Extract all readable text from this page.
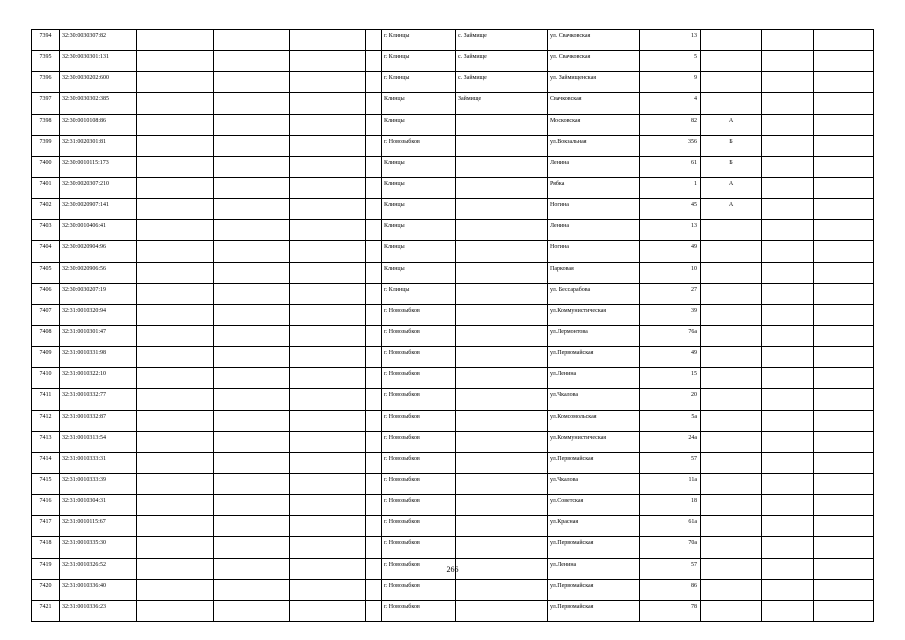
7394	32:30:0030307:82					г. Клинцы	с. Займище	ул. Свачковская	13			
7395	32:30:0030301:131					г. Клинцы	с. Займище	ул. Свачковская	5			
7396	32:30:0030202:600					г. Клинцы	с. Займище	ул. Займищенская	9			
7397	32:30:0030302:385					Клинцы	Займище	Свачковская	4			
7398	32:30:0010108:86					Клинцы		Московская	82	А		
7399	32:31:0020301:81					г. Новозыбков		ул.Вокзальная	356	Б		
7400	32:30:0010115:173					Клинцы		Ленина	61	Б		
7401	32:30:0020307:210					Клинцы		Рябка	1	А		
7402	32:30:0020907:141					Клинцы		Ногина	45	А		
7403	32:30:0010406:41					Клинцы		Ленина	13			
7404	32:30:0020904:96					Клинцы		Ногина	49			
7405	32:30:0020906:56					Клинцы		Парковая	10			
7406	32:30:0030207:19					г. Клинцы		ул. Бессарабова	27			
7407	32:31:0010320:94					г. Новозыбков		ул.Коммунистическая	39			
7408	32:31:0010301:47					г. Новозыбков		ул.Лермонтова	76а			
7409	32:31:0010331:98					г. Новозыбков		ул.Первомайская	49			
7410	32:31:0010322:10					г. Новозыбков		ул.Ленина	15			
7411	32:31:0010332:77					г. Новозыбков		ул.Чкалова	20			
7412	32:31:0010332:87					г. Новозыбков		ул.Комсомольская	5а			
7413	32:31:0010313:54					г. Новозыбков		ул.Коммунистическая	24а			
7414	32:31:0010333:31					г. Новозыбков		ул.Первомайская	57			
7415	32:31:0010333:39					г. Новозыбков		ул.Чкалова	11а			
7416	32:31:0010304:31					г. Новозыбков		ул.Советская	18			
7417	32:31:0010115:67					г. Новозыбков		ул.Красная	61а			
7418	32:31:0010335:30					г. Новозыбков		ул.Первомайская	70а			
7419	32:31:0010326:52					г. Новозыбков		ул.Ленина	57			
7420	32:31:0010336:40					г. Новозыбков		ул.Первомайская	86			
7421	32:31:0010336:23					г. Новозыбков		ул.Первомайская	78			
266
